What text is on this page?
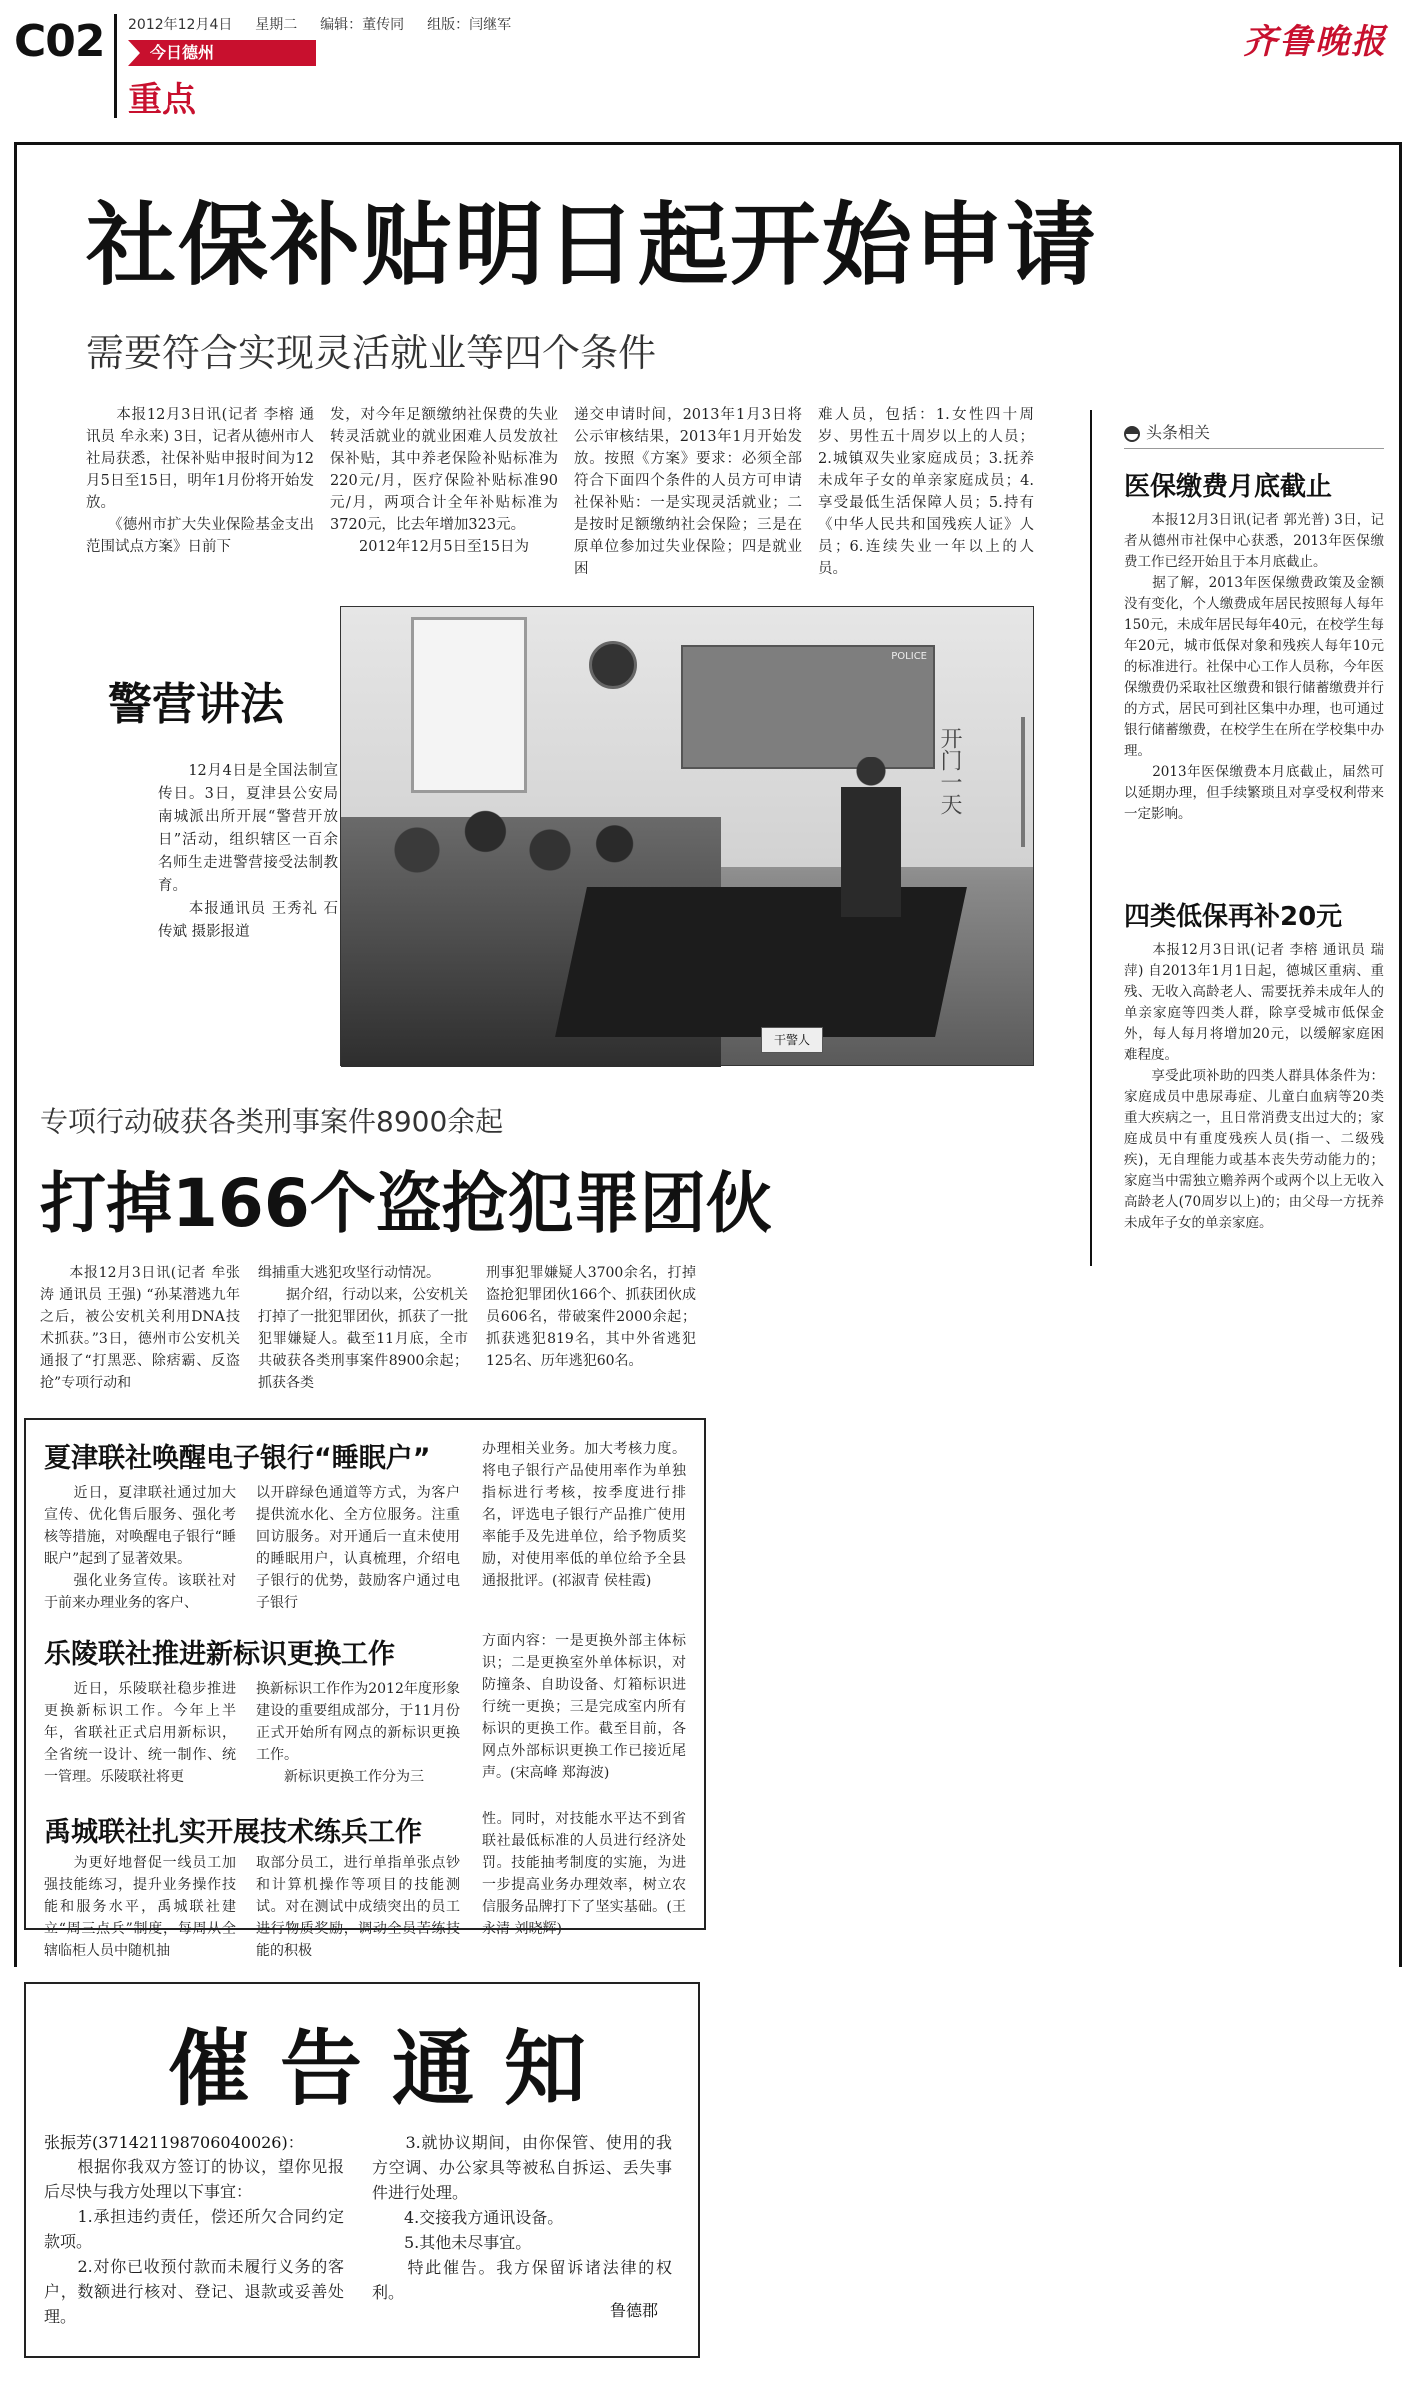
C02 2012年12月4日 星期二 编辑：董传同 组版：闫继军
今日德州
重点
齐鲁晚报
社保补贴明日起开始申请
需要符合实现灵活就业等四个条件
　　本报12月3日讯(记者 李榕 通讯员 牟永来) 3日，记者从德州市人社局获悉，社保补贴申报时间为12月5日至15日，明年1月份将开始发放。
　　《德州市扩大失业保险基金支出范围试点方案》日前下
发，对今年足额缴纳社保费的失业转灵活就业的就业困难人员发放社保补贴，其中养老保险补贴标准为220元/月，医疗保险补贴标准90元/月，两项合计全年补贴标准为3720元，比去年增加323元。
　　2012年12月5日至15日为
递交申请时间，2013年1月3日将公示审核结果，2013年1月开始发放。按照《方案》要求：必须全部符合下面四个条件的人员方可申请社保补贴：一是实现灵活就业；二是按时足额缴纳社会保险；三是在原单位参加过失业保险；四是就业困
难人员，包括：1.女性四十周岁、男性五十周岁以上的人员；2.城镇双失业家庭成员；3.抚养未成年子女的单亲家庭成员；4.享受最低生活保障人员；5.持有《中华人民共和国残疾人证》人员；6.连续失业一年以上的人员。
警营讲法
　　12月4日是全国法制宣传日。3日，夏津县公安局南城派出所开展“警营开放日”活动，组织辖区一百余名师生走进警营接受法制教育。
　　本报通讯员 王秀礼 石传斌 摄影报道
POLICE
开门一天
干警人
头条相关
医保缴费月底截止
　　本报12月3日讯(记者 郭光普) 3日，记者从德州市社保中心获悉，2013年医保缴费工作已经开始且于本月底截止。
　　据了解，2013年医保缴费政策及金额没有变化，个人缴费成年居民按照每人每年150元，未成年居民每年40元，在校学生每年20元，城市低保对象和残疾人每年10元的标准进行。社保中心工作人员称，今年医保缴费仍采取社区缴费和银行储蓄缴费并行的方式，居民可到社区集中办理，也可通过银行储蓄缴费，在校学生在所在学校集中办理。
　　2013年医保缴费本月底截止，届然可以延期办理，但手续繁琐且对享受权利带来一定影响。
四类低保再补20元
　　本报12月3日讯(记者 李榕 通讯员 瑞萍) 自2013年1月1日起，德城区重病、重残、无收入高龄老人、需要抚养未成年人的单亲家庭等四类人群，除享受城市低保金外，每人每月将增加20元，以缓解家庭困难程度。
　　享受此项补助的四类人群具体条件为：家庭成员中患尿毒症、儿童白血病等20类重大疾病之一，且日常消费支出过大的；家庭成员中有重度残疾人员(指一、二级残疾)，无自理能力或基本丧失劳动能力的；家庭当中需独立赡养两个或两个以上无收入高龄老人(70周岁以上)的；由父母一方抚养未成年子女的单亲家庭。
专项行动破获各类刑事案件8900余起
打掉166个盗抢犯罪团伙
　　本报12月3日讯(记者 牟张涛 通讯员 王强) “孙某潜逃九年之后，被公安机关利用DNA技术抓获。”3日，德州市公安机关通报了“打黑恶、除痞霸、反盗抢”专项行动和
缉捕重大逃犯攻坚行动情况。
　　据介绍，行动以来，公安机关打掉了一批犯罪团伙，抓获了一批犯罪嫌疑人。截至11月底，全市共破获各类刑事案件8900余起；抓获各类
刑事犯罪嫌疑人3700余名，打掉盗抢犯罪团伙166个、抓获团伙成员606名，带破案件2000余起；抓获逃犯819名，其中外省逃犯125名、历年逃犯60名。
夏津联社唤醒电子银行“睡眠户”
　　近日，夏津联社通过加大宣传、优化售后服务、强化考核等措施，对唤醒电子银行“睡眠户”起到了显著效果。
　　强化业务宣传。该联社对于前来办理业务的客户、
以开辟绿色通道等方式，为客户提供流水化、全方位服务。注重回访服务。对开通后一直未使用的睡眠用户，认真梳理，介绍电子银行的优势，鼓励客户通过电子银行
办理相关业务。加大考核力度。将电子银行产品使用率作为单独指标进行考核，按季度进行排名，评选电子银行产品推广使用率能手及先进单位，给予物质奖励，对使用率低的单位给予全县通报批评。(祁淑青 侯桂霞)
乐陵联社推进新标识更换工作
　　近日，乐陵联社稳步推进更换新标识工作。今年上半年，省联社正式启用新标识，全省统一设计、统一制作、统一管理。乐陵联社将更
换新标识工作作为2012年度形象建设的重要组成部分，于11月份正式开始所有网点的新标识更换工作。
　　新标识更换工作分为三
方面内容：一是更换外部主体标识；二是更换室外单体标识，对防撞条、自助设备、灯箱标识进行统一更换；三是完成室内所有标识的更换工作。截至目前，各网点外部标识更换工作已接近尾声。(宋高峰 郑海波)
禹城联社扎实开展技术练兵工作
　　为更好地督促一线员工加强技能练习，提升业务操作技能和服务水平，禹城联社建立“周三点兵”制度，每周从全辖临柜人员中随机抽
取部分员工，进行单指单张点钞和计算机操作等项目的技能测试。对在测试中成绩突出的员工进行物质奖励，调动全员苦练技能的积极
性。同时，对技能水平达不到省联社最低标准的人员进行经济处罚。技能抽考制度的实施，为进一步提高业务办理效率，树立农信服务品牌打下了坚实基础。(王永清 刘晓辉)
催告通知
张振芳(371421198706040026)：
　　根据你我双方签订的协议，望你见报后尽快与我方处理以下事宜：
　　1.承担违约责任，偿还所欠合同约定款项。
　　2.对你已收预付款而未履行义务的客户，数额进行核对、登记、退款或妥善处理。
　　3.就协议期间，由你保管、使用的我方空调、办公家具等被私自拆运、丢失事件进行处理。
　　4.交接我方通讯设备。
　　5.其他未尽事宜。
　　特此催告。我方保留诉诸法律的权利。
鲁德郡
